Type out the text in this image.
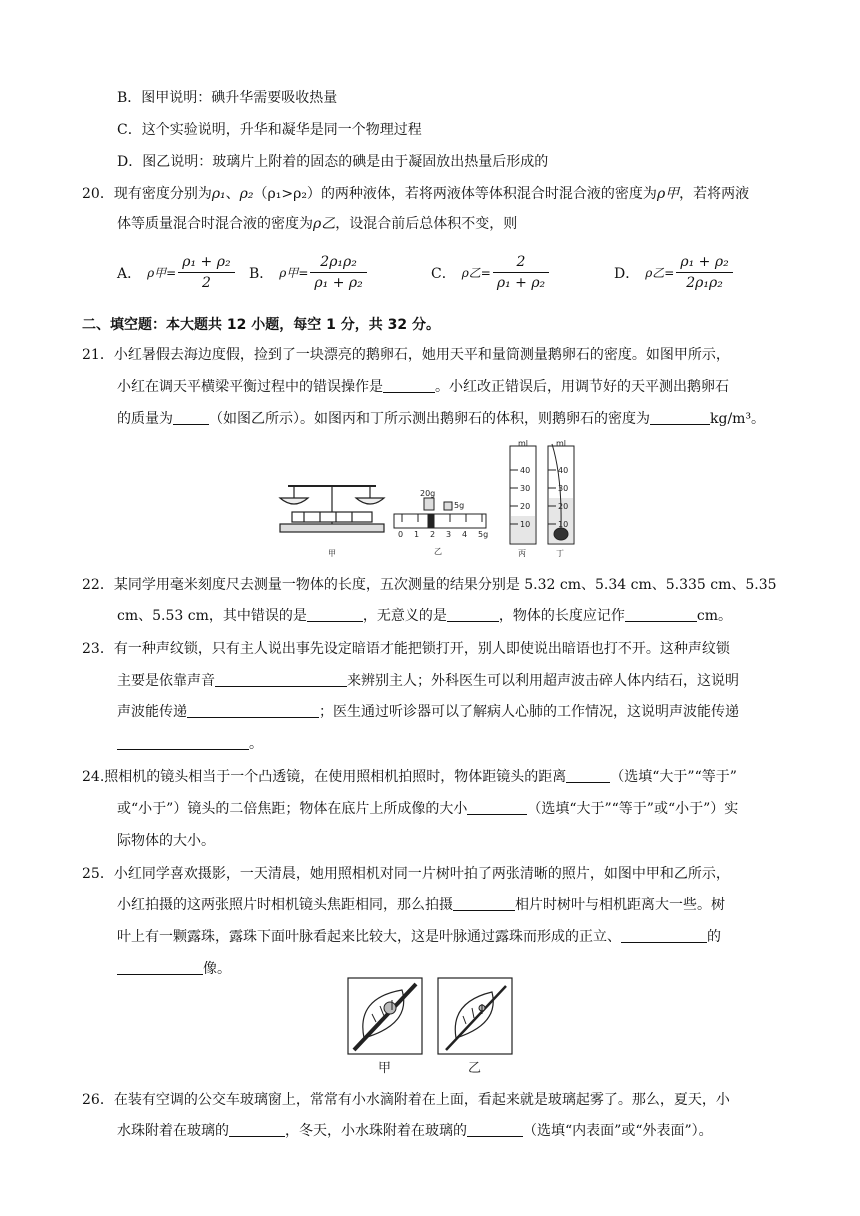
B．图甲说明：碘升华需要吸收热量
C．这个实验说明，升华和凝华是同一个物理过程
D．图乙说明：玻璃片上附着的固态的碘是由于凝固放出热量后形成的
20．现有密度分别为ρ₁、ρ₂（ρ₁>ρ₂）的两种液体，若将两液体等体积混合时混合液的密度为ρ甲，若将两液
体等质量混合时混合液的密度为ρ乙，设混合前后总体积不变，则
A． ρ甲= $\frac{\text{ρ₁ + ρ₂}}{2}$ B． ρ甲= $\frac{\text{2ρ₁ρ₂}}{\text{ρ₁ + ρ₂}}$	C． ρ乙= $\frac{2}{\text{ρ₁ + ρ₂}}$	D． ρ乙= $\frac{\text{ρ₁ + ρ₂}}{\text{2ρ₁ρ₂}}$
二、填空题：本大题共 12 小题，每空 1 分，共 32 分。
21．小红暑假去海边度假，捡到了一块漂亮的鹅卵石，她用天平和量筒测量鹅卵石的密度。如图甲所示，
小红在调天平横梁平衡过程中的错误操作是	。小红改正错误后，用调节好的天平测出鹅卵石
的质量为	（如图乙所示）。如图丙和丁所示测出鹅卵石的体积，则鹅卵石的密度为	kg/m³。
ml	ml
40
30
20
10
40
30
20
10
20g
5g
0 1 2 3 4 5g
甲	乙	丙	丁
22．某同学用毫米刻度尺去测量一物体的长度，五次测量的结果分别是 5.32 cm、5.34 cm、5.335 cm、5.35
cm、5.53 cm，其中错误的是	，无意义的是	，物体的长度应记作	cm。
23．有一种声纹锁，只有主人说出事先设定暗语才能把锁打开，别人即使说出暗语也打不开。这种声纹锁
主要是依靠声音	来辨别主人；外科医生可以利用超声波击碎人体内结石，这说明
声波能传递	；医生通过听诊器可以了解病人心肺的工作情况，这说明声波能传递
。
24.照相机的镜头相当于一个凸透镜，在使用照相机拍照时，物体距镜头的距离	（选填“大于”“等于”
或“小于”）镜头的二倍焦距；物体在底片上所成像的大小	（选填“大于”“等于”或“小于”）实
际物体的大小。
25．小红同学喜欢摄影，一天清晨，她用照相机对同一片树叶拍了两张清晰的照片，如图中甲和乙所示，
小红拍摄的这两张照片时相机镜头焦距相同，那么拍摄	相片时树叶与相机距离大一些。树
叶上有一颗露珠，露珠下面叶脉看起来比较大，这是叶脉通过露珠而形成的正立、	的
像。
甲	乙
26．在装有空调的公交车玻璃窗上，常常有小水滴附着在上面，看起来就是玻璃起雾了。那么，夏天，小
水珠附着在玻璃的	，冬天，小水珠附着在玻璃的	（选填“内表面”或“外表面”）。
